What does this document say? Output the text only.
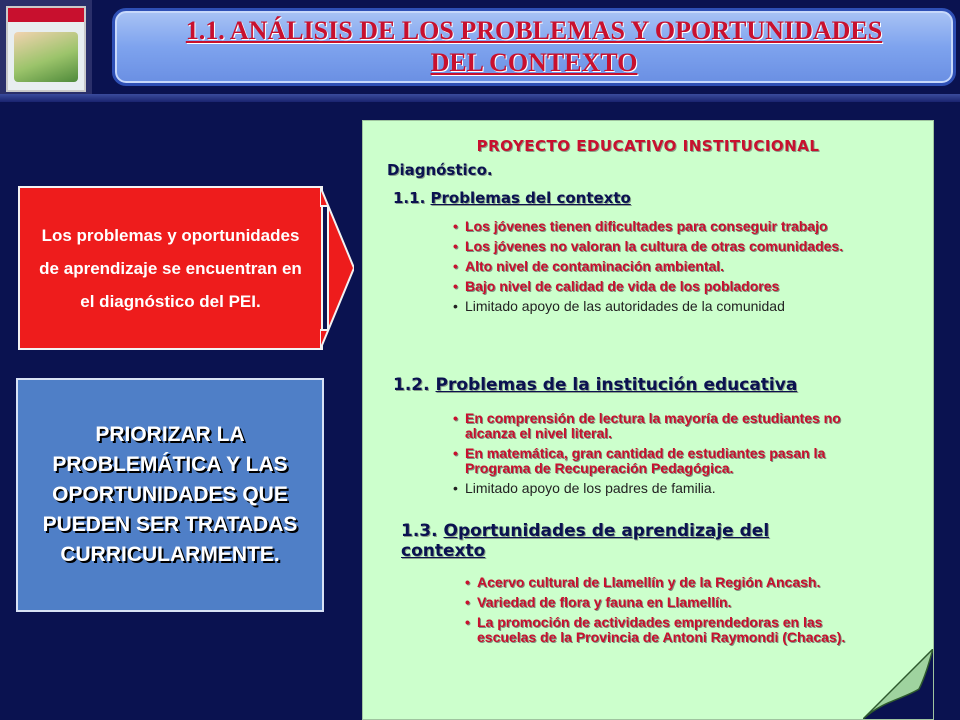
1.1. ANÁLISIS DE LOS PROBLEMAS Y OPORTUNIDADES
DEL CONTEXTO

Los problemas y oportunidades de aprendizaje se encuentran en el diagnóstico del PEI.

PRIORIZAR LA PROBLEMÁTICA Y LAS OPORTUNIDADES QUE PUEDEN SER TRATADAS CURRICULARMENTE.

PROYECTO EDUCATIVO INSTITUCIONAL
Diagnóstico.
1.1. Problemas del contexto
• Los jóvenes tienen dificultades para conseguir trabajo
• Los jóvenes no valoran la cultura de otras comunidades.
• Alto nivel de contaminación ambiental.
• Bajo nivel de calidad de vida de los pobladores
• Limitado apoyo de las autoridades de la comunidad
1.2. Problemas de la institución educativa
• En comprensión de lectura la mayoría de estudiantes no alcanza el nivel literal.
• En matemática, gran cantidad de estudiantes pasan la Programa de Recuperación Pedagógica.
• Limitado apoyo de los padres de familia.
1.3. Oportunidades de aprendizaje del contexto
• Acervo cultural de Llamellín y de la Región Ancash.
• Variedad de flora y fauna en Llamellín.
• La promoción de actividades emprendedoras en las escuelas de la Provincia de Antoni Raymondi (Chacas).
